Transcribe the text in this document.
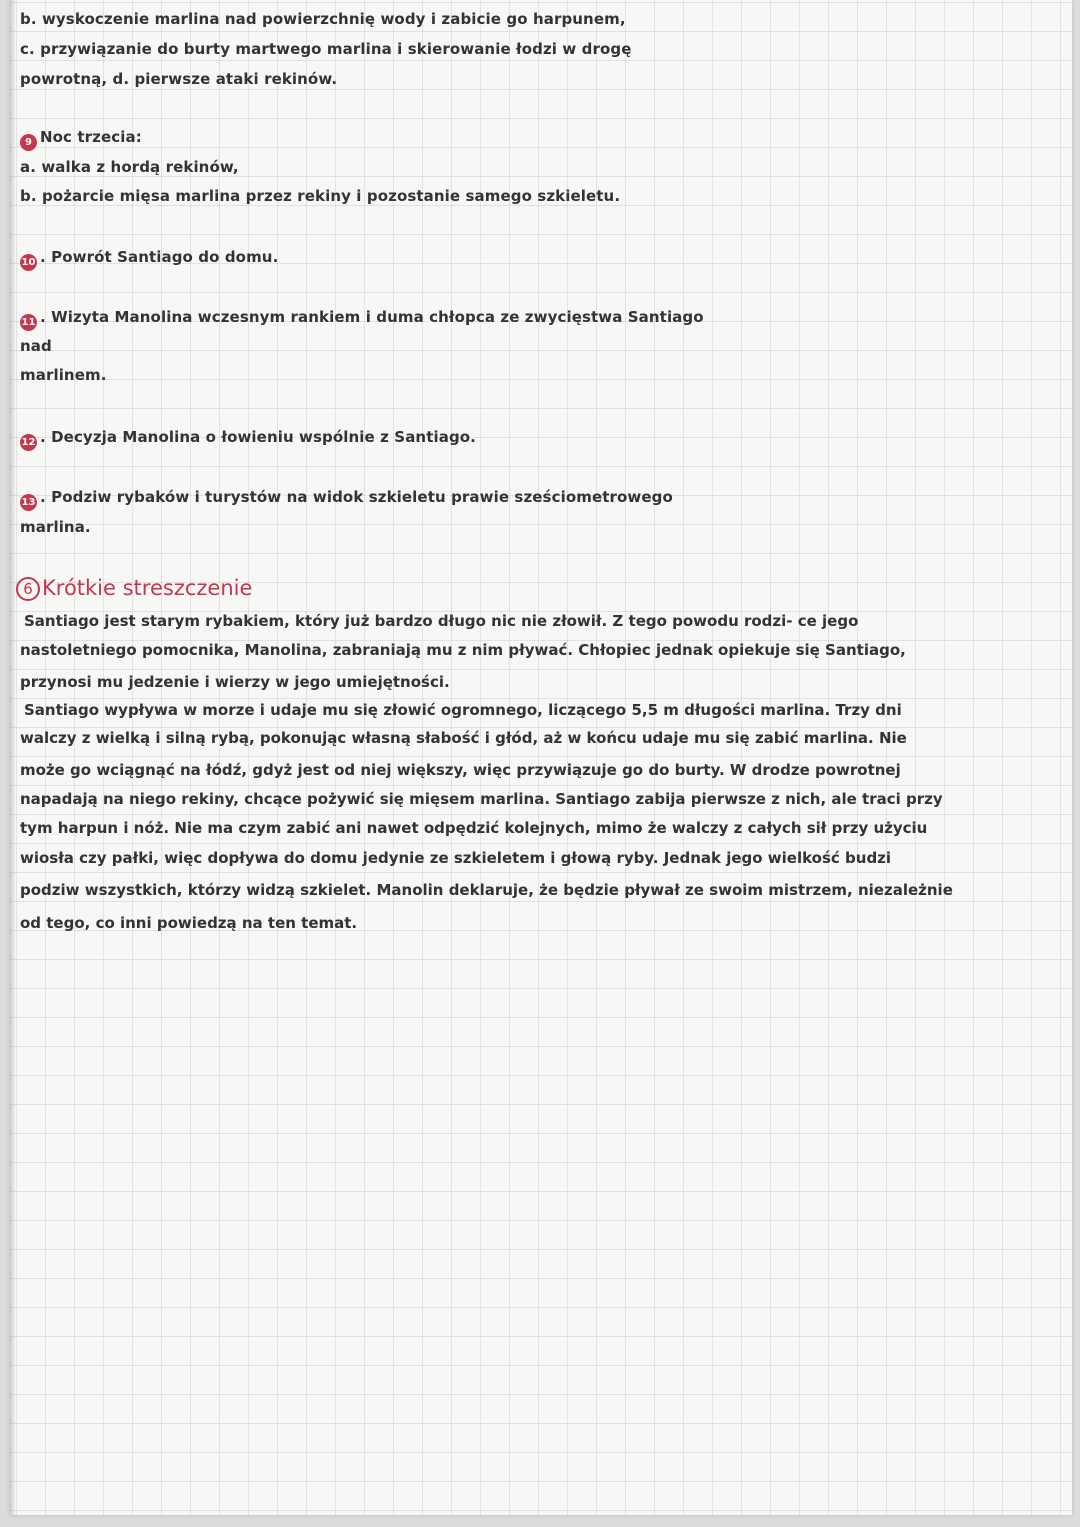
b. wyskoczenie marlina nad powierzchnię wody i zabicie go harpunem,

c. przywiązanie do burty martwego marlina i skierowanie łodzi w drogę

powrotną, d. pierwsze ataki rekinów.

9 Noc trzecia:

a. walka z hordą rekinów,

b. pożarcie mięsa marlina przez rekiny i pozostanie samego szkieletu.

10 . Powrót Santiago do domu.

11 . Wizyta Manolina wczesnym rankiem i duma chłopca ze zwycięstwa Santiago

nad

marlinem.

12 . Decyzja Manolina o łowieniu wspólnie z Santiago.

13 . Podziw rybaków i turystów na widok szkieletu prawie sześciometrowego

marlina.

6 Krótkie streszczenie

Santiago jest starym rybakiem, który już bardzo długo nic nie złowił. Z tego powodu rodzi- ce jego

nastoletniego pomocnika, Manolina, zabraniają mu z nim pływać. Chłopiec jednak opiekuje się Santiago,

przynosi mu jedzenie i wierzy w jego umiejętności.

Santiago wypływa w morze i udaje mu się złowić ogromnego, liczącego 5,5 m długości marlina. Trzy dni

walczy z wielką i silną rybą, pokonując własną słabość i głód, aż w końcu udaje mu się zabić marlina. Nie

może go wciągnąć na łódź, gdyż jest od niej większy, więc przywiązuje go do burty. W drodze powrotnej

napadają na niego rekiny, chcące pożywić się mięsem marlina. Santiago zabija pierwsze z nich, ale traci przy

tym harpun i nóż. Nie ma czym zabić ani nawet odpędzić kolejnych, mimo że walczy z całych sił przy użyciu

wiosła czy pałki, więc dopływa do domu jedynie ze szkieletem i głową ryby. Jednak jego wielkość budzi

podziw wszystkich, którzy widzą szkielet. Manolin deklaruje, że będzie pływał ze swoim mistrzem, niezależnie

od tego, co inni powiedzą na ten temat.
